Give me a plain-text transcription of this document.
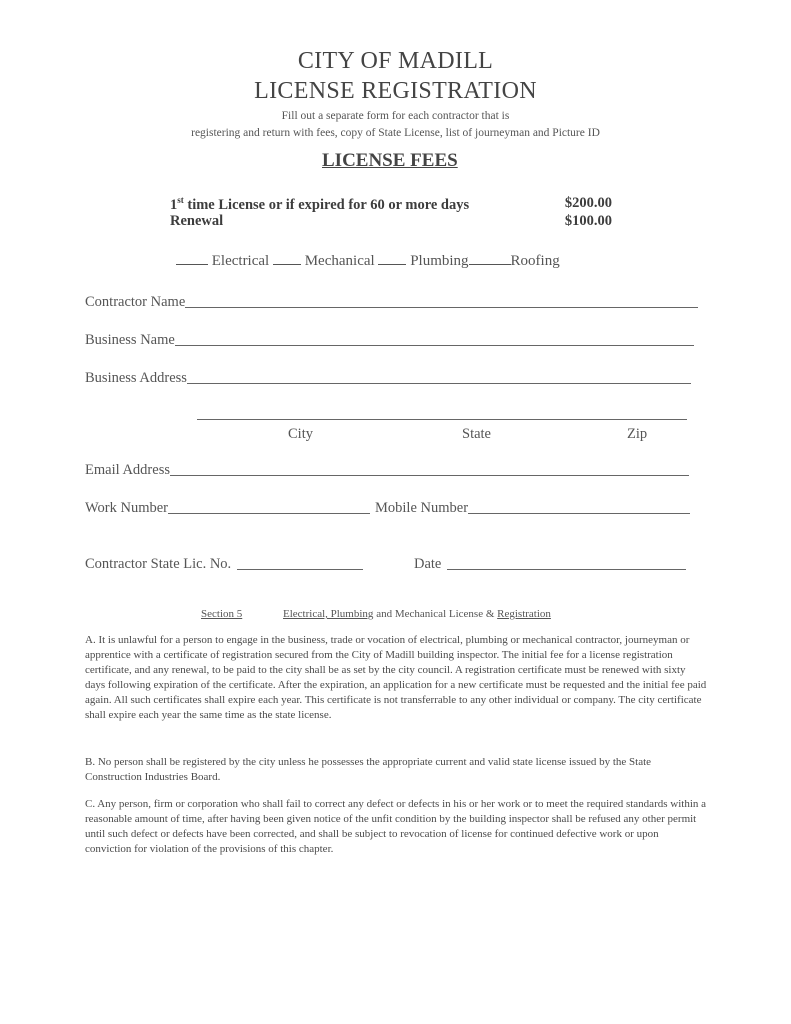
CITY OF MADILL
LICENSE REGISTRATION
Fill out a separate form for each contractor that is
registering and return with fees, copy of State License, list of journeyman and Picture ID
LICENSE FEES
1st time License or if expired for 60 or more days	$200.00
Renewal	$100.00
Electrical Mechanical Plumbing	Roofing
Contractor Name
Business Name
Business Address
City	State	Zip
Email Address
Work Number	Mobile Number
Contractor State Lic. No.	Date
Section 5	Electrical, Plumbing and Mechanical License & Registration
A. It is unlawful for a person to engage in the business, trade or vocation of electrical, plumbing or mechanical contractor, journeyman or apprentice with a certificate of registration secured from the City of Madill building inspector. The initial fee for a license registration certificate, and any renewal, to be paid to the city shall be as set by the city council. A registration certificate must be renewed with sixty days following expiration of the certificate. After the expiration, an application for a new certificate must be requested and the initial fee paid again. All such certificates shall expire each year. This certificate is not transferrable to any other individual or company. The city certificate shall expire each year the same time as the state license.
B. No person shall be registered by the city unless he possesses the appropriate current and valid state license issued by the State Construction Industries Board.
C. Any person, firm or corporation who shall fail to correct any defect or defects in his or her work or to meet the required standards within a reasonable amount of time, after having been given notice of the unfit condition by the building inspector shall be refused any other permit until such defect or defects have been corrected, and shall be subject to revocation of license for continued defective work or upon conviction for violation of the provisions of this chapter.
